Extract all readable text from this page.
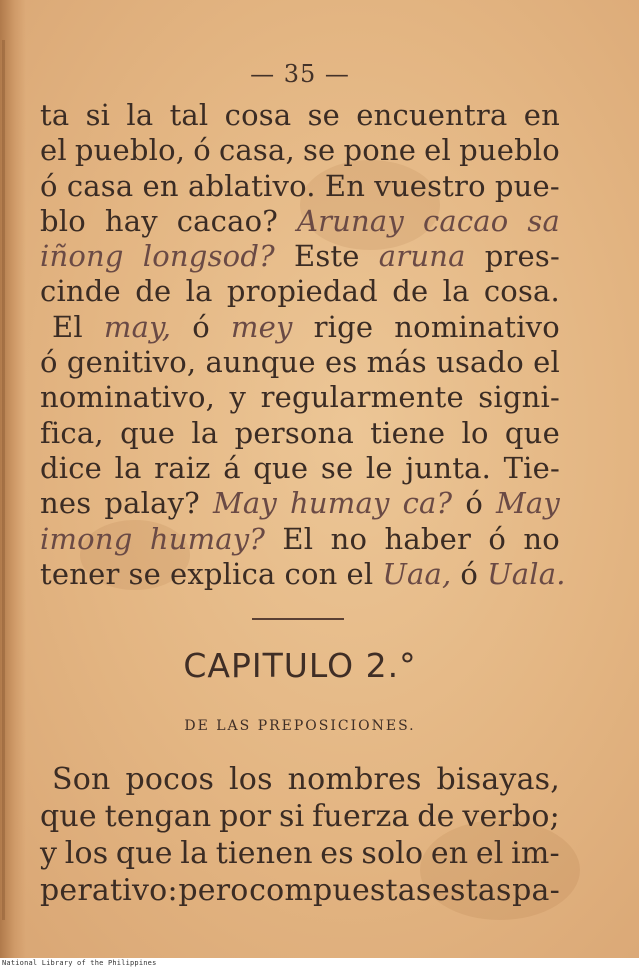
— 35 —
ta si la tal cosa se encuentra en
el pueblo, ó casa, se pone el pueblo
ó casa en ablativo. En vuestro pue-
blo hay cacao? Arunay cacao sa
iñong longsod? Este aruna pres-
cinde de la propiedad de la cosa.
El may, ó mey rige nominativo
ó genitivo, aunque es más usado el
nominativo, y regularmente signi-
fica, que la persona tiene lo que
dice la raiz á que se le junta. Tie-
nes palay? May humay ca? ó May
imong humay? El no haber ó no
tener se explica con el Uaa, ó Uala.
CAPITULO 2.°
DE LAS PREPOSICIONES.
Son pocos los nombres bisayas,
que tengan por si fuerza de verbo;
y los que la tienen es solo en el im-
perativo: pero compuestas estas pa-
National Library of the Philippines
